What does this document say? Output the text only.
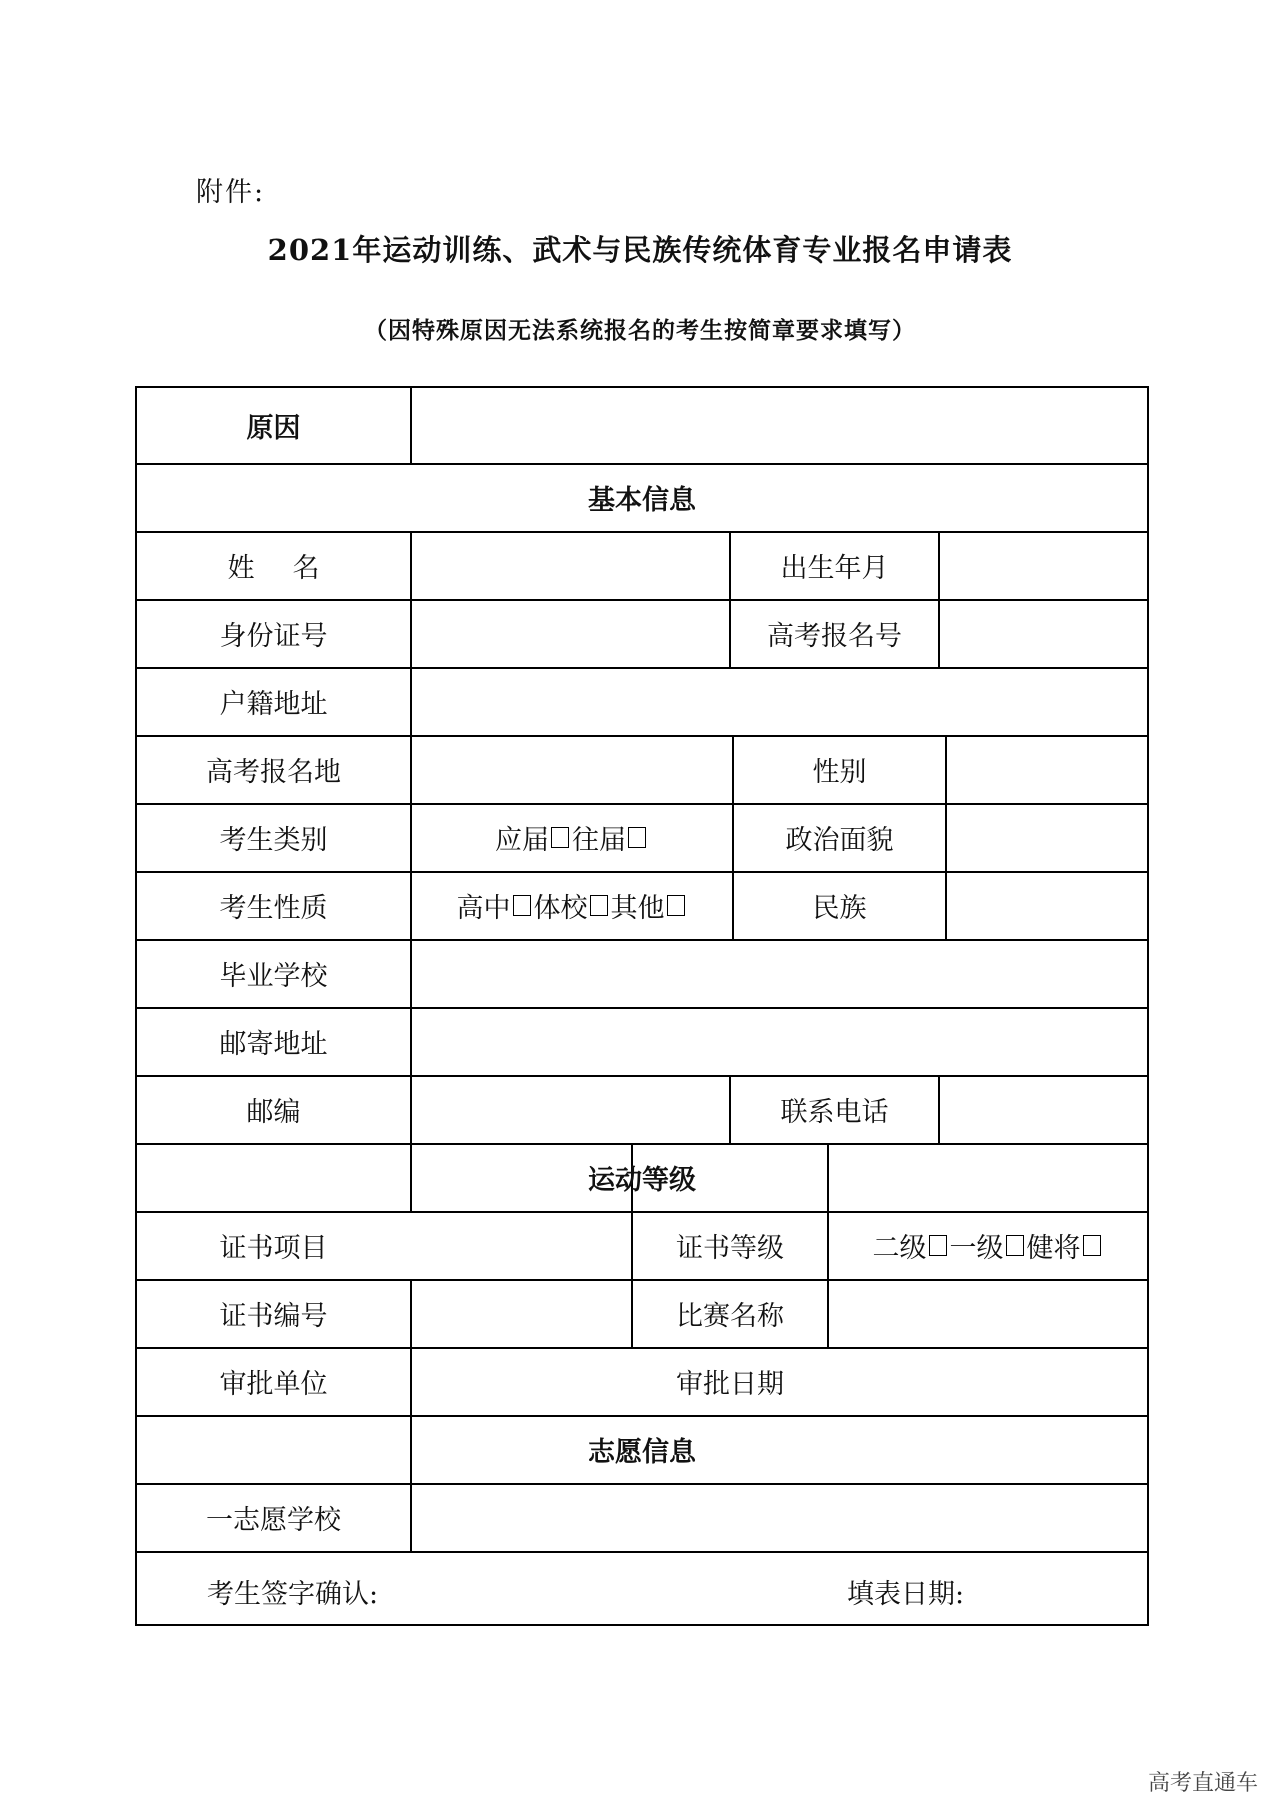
附件:
2021年运动训练、武术与民族传统体育专业报名申请表
（因特殊原因无法系统报名的考生按简章要求填写）
原因
基本信息
姓名	出生年月
身份证号	高考报名号
户籍地址
高考报名地	性别
考生类别	应届 往届	政治面貌
考生性质	高中 体校 其他	民族
毕业学校
邮寄地址
邮编	联系电话
运动等级
证书项目	证书等级	二级 一级 健将
证书编号	比赛名称
审批单位	审批日期
志愿信息
一志愿学校
考生签字确认:	填表日期:
高考直通车
